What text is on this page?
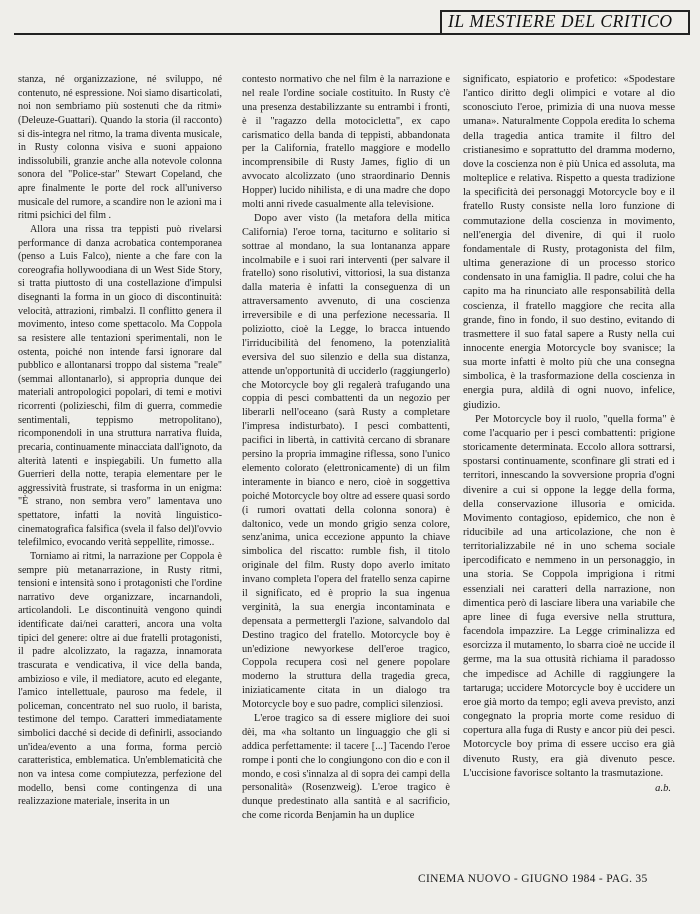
IL MESTIERE DEL CRITICO

stanza, né organizzazione, né sviluppo, né contenuto, né espressione. Noi siamo disarticolati, noi non sembriamo più sostenuti che da ritmi» (Deleuze-Guattari). Quando la storia (il racconto) si dis-integra nel ritmo, la trama diventa musicale, in Rusty colonna visiva e suoni appaiono indissolubili, granzie anche alla notevole colonna sonora del "Police-star" Stewart Copeland, che apre finalmente le porte del rock all'universo musicale del rumore, a scandire non le azioni ma i ritmi psichici del film .

Allora una rissa tra teppisti può rivelarsi performance di danza acrobatica contemporanea (penso a Luis Falco), niente a che fare con la coreografia hollywoodiana di un West Side Story, si tratta piuttosto di una costellazione d'impulsi disegnanti la forma in un gioco di discontinuità: velocità, attrazioni, rimbalzi. Il conflitto genera il movimento, inteso come spettacolo. Ma Coppola sa resistere alle tentazioni sperimentali, non le ostenta, poiché non intende farsi ignorare dal pubblico e allontanarsi troppo dal sistema "reale" (semmai allontanarlo), si appropria dunque dei materiali antropologici popolari, di temi e motivi ricorrenti (polizieschi, film di guerra, commedie sentimentali, teppismo metropolitano), ricomponendoli in una struttura narrativa fluida, precaria, continuamente minacciata dall'ignoto, da alterità latenti e inspiegabili. Un fumetto alla Guerrieri della notte, terapia elementare per le aggressività frustrate, si trasforma in un enigma: "È strano, non sembra vero" lamentava uno spettatore, infatti la novità linguistico-cinematografica falsifica (svela il falso del)l'ovvio telefilmico, evocando verità seppellite, rimosse..

Torniamo ai ritmi, la narrazione per Coppola è sempre più metanarrazione, in Rusty ritmi, tensioni e intensità sono i protagonisti che l'ordine narrativo deve organizzare, incarnandoli, articolandoli. Le discontinuità vengono quindi identificate dai/nei caratteri, ancora una volta tipici del genere: oltre ai due fratelli protagonisti, il padre alcolizzato, la ragazza, innamorata trascurata e vendicativa, il vice della banda, ambizioso e vile, il mediatore, acuto ed elegante, l'amico intellettuale, pauroso ma fedele, il policeman, concentrato nel suo ruolo, il barista, testimone del tempo. Caratteri immediatamente simbolici dacché si decide di definirli, associando un'idea/evento a una forma, forma perciò caratteristica, emblematica. Un'emblematicità che non va intesa come compiutezza, perfezione del modello, bensì come contingenza di una realizzazione materiale, inserita in un

contesto normativo che nel film è la narrazione e nel reale l'ordine sociale costituito. In Rusty c'è una presenza destabilizzante su entrambi i fronti, è il "ragazzo della motocicletta", ex capo carismatico della banda di teppisti, abbandonata per la California, fratello maggiore e modello incomprensibile di Rusty James, figlio di un avvocato alcolizzato (uno straordinario Dennis Hopper) lucido nihilista, e di una madre che dopo molti anni rivede casualmente alla televisione.

Dopo aver visto (la metafora della mitica California) l'eroe torna, taciturno e solitario si sottrae al mondano, la sua lontananza appare incolmabile e i suoi rari interventi (per salvare il fratello) sono risolutivi, vittoriosi, la sua distanza dalla materia è infatti la conseguenza di un attraversamento avvenuto, di una coscienza irreversibile e di una perfezione necessaria. Il poliziotto, cioè la Legge, lo bracca intuendo l'irriducibilità del fenomeno, la potenzialità eversiva del suo silenzio e della sua distanza, attende un'opportunità di ucciderlo (raggiungerlo) che Motorcycle boy gli regalerà trafugando una coppia di pesci combattenti da un negozio per liberarli nell'oceano (sarà Rusty a completare l'impresa indisturbato). I pesci combattenti, pacifici in libertà, in cattività cercano di sbranare persino la propria immagine riflessa, sono l'unico elemento colorato (elettronicamente) di un film interamente in bianco e nero, cioè in soggettiva poiché Motorcycle boy oltre ad essere quasi sordo (i rumori ovattati della colonna sonora) è daltonico, vede un mondo grigio senza colore, senz'anima, unica eccezione appunto la chiave simbolica del riscatto: rumble fish, il titolo originale del film. Rusty dopo averlo imitato invano completa l'opera del fratello senza capirne il significato, ed è proprio la sua ingenua verginità, la sua energia incontaminata e depensata a permettergli l'azione, salvandolo dal Destino tragico del fratello. Motorcycle boy è un'edizione newyorkese dell'eroe tragico, Coppola recupera così nel genere popolare moderno la struttura della tragedia greca, iniziaticamente citata in un dialogo tra Motorcycle boy e suo padre, complici silenziosi.

L'eroe tragico sa di essere migliore dei suoi dèi, ma «ha soltanto un linguaggio che gli si addica perfettamente: il tacere [...] Tacendo l'eroe rompe i ponti che lo congiungono con dio e con il mondo, e così s'innalza al di sopra dei campi della personalità» (Rosenzweig). L'eroe tragico è dunque predestinato alla santità e al sacrificio, che come ricorda Benjamin ha un duplice

significato, espiatorio e profetico: «Spodestare l'antico diritto degli olimpici e votare al dio sconosciuto l'eroe, primizia di una nuova messe umana». Naturalmente Coppola eredita lo schema della tragedia antica tramite il filtro del cristianesimo e soprattutto del dramma moderno, dove la coscienza non è più Unica ed assoluta, ma molteplice e relativa. Rispetto a questa tradizione la specificità dei personaggi Motorcycle boy e il fratello Rusty consiste nella loro funzione di commutazione della coscienza in movimento, nell'energia del divenire, di qui il ruolo fondamentale di Rusty, protagonista del film, ultima generazione di un processo storico condensato in una famiglia. Il padre, colui che ha capito ma ha rinunciato alle responsabilità della coscienza, il fratello maggiore che recita alla grande, fino in fondo, il suo destino, evitando di trasmettere il suo fatal sapere a Rusty nella cui innocente energia Motorcycle boy svanisce; la sua morte infatti è molto più che una consegna simbolica, è la trasformazione della coscienza in energia pura, aldilà di ogni nuovo, infelice, giudizio.

Per Motorcycle boy il ruolo, "quella forma" è come l'acquario per i pesci combattenti: prigione storicamente determinata. Eccolo allora sottrarsi, spostarsi continuamente, sconfinare gli strati ed i territori, innescando la sovversione propria d'ogni divenire a cui si oppone la legge della forma, della conservazione illusoria e omicida. Movimento contagioso, epidemico, che non è riducibile ad una articolazione, che non è territorializzabile né in uno schema sociale ipercodificato e nemmeno in un personaggio, in una storia. Se Coppola imprigiona i ritmi essenziali nei caratteri della narrazione, non dimentica però di lasciare libera una variabile che apre linee di fuga eversive nella struttura, facendola impazzire. La Legge criminalizza ed esorcizza il mutamento, lo sbarra cioè ne uccide il germe, ma la sua ottusità richiama il paradosso che impedisce ad Achille di raggiungere la tartaruga; uccidere Motorcycle boy è uccidere un eroe già morto da tempo; egli aveva previsto, anzi congegnato la propria morte come residuo di copertura alla fuga di Rusty e ancor più dei pesci. Motorcycle boy prima di essere ucciso era già divenuto Rusty, era già divenuto pesce. L'uccisione favorisce soltanto la trasmutazione.

a.b.
CINEMA NUOVO - GIUGNO 1984 - PAG. 35
